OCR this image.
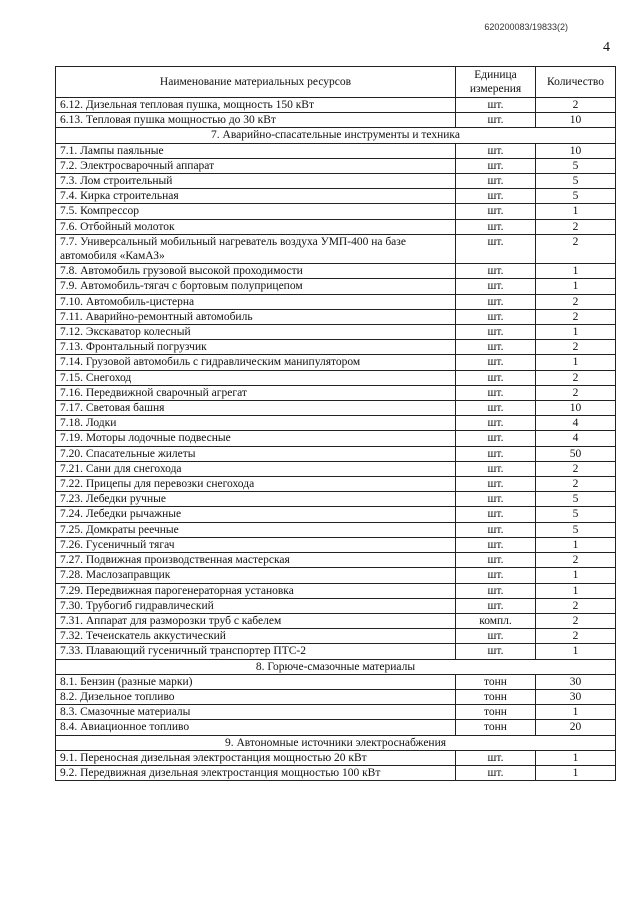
620200083/19833(2)
4
Наименование материальных ресурсов	Единица измерения	Количество
6.12. Дизельная тепловая пушка, мощность 150 кВт	шт.	2
6.13. Тепловая пушка мощностью до 30 кВт	шт.	10
7. Аварийно-спасательные инструменты и техника		
7.1. Лампы паяльные	шт.	10
7.2. Электросварочный аппарат	шт.	5
7.3. Лом строительный	шт.	5
7.4. Кирка строительная	шт.	5
7.5. Компрессор	шт.	1
7.6. Отбойный молоток	шт.	2
7.7. Универсальный мобильный нагреватель воздуха УМП-400 на базе автомобиля «КамАЗ»	шт.	2
7.8. Автомобиль грузовой высокой проходимости	шт.	1
7.9. Автомобиль-тягач с бортовым полуприцепом	шт.	1
7.10. Автомобиль-цистерна	шт.	2
7.11. Аварийно-ремонтный автомобиль	шт.	2
7.12. Экскаватор колесный	шт.	1
7.13. Фронтальный погрузчик	шт.	2
7.14. Грузовой автомобиль с гидравлическим манипулятором	шт.	1
7.15. Снегоход	шт.	2
7.16. Передвижной сварочный агрегат	шт.	2
7.17. Световая башня	шт.	10
7.18. Лодки	шт.	4
7.19. Моторы лодочные подвесные	шт.	4
7.20. Спасательные жилеты	шт.	50
7.21. Сани для снегохода	шт.	2
7.22. Прицепы для перевозки снегохода	шт.	2
7.23. Лебедки ручные	шт.	5
7.24. Лебедки рычажные	шт.	5
7.25. Домкраты реечные	шт.	5
7.26. Гусеничный тягач	шт.	1
7.27. Подвижная производственная мастерская	шт.	2
7.28. Маслозаправщик	шт.	1
7.29. Передвижная парогенераторная установка	шт.	1
7.30. Трубогиб гидравлический	шт.	2
7.31. Аппарат для разморозки труб с кабелем	компл.	2
7.32. Течеискатель аккустический	шт.	2
7.33. Плавающий гусеничный транспортер ПТС-2	шт.	1
8. Горюче-смазочные материалы		
8.1. Бензин (разные марки)	тонн	30
8.2. Дизельное топливо	тонн	30
8.3. Смазочные материалы	тонн	1
8.4. Авиационное топливо	тонн	20
9. Автономные источники электроснабжения		
9.1. Переносная дизельная электростанция мощностью 20 кВт	шт.	1
9.2. Передвижная дизельная электростанция мощностью 100 кВт	шт.	1
